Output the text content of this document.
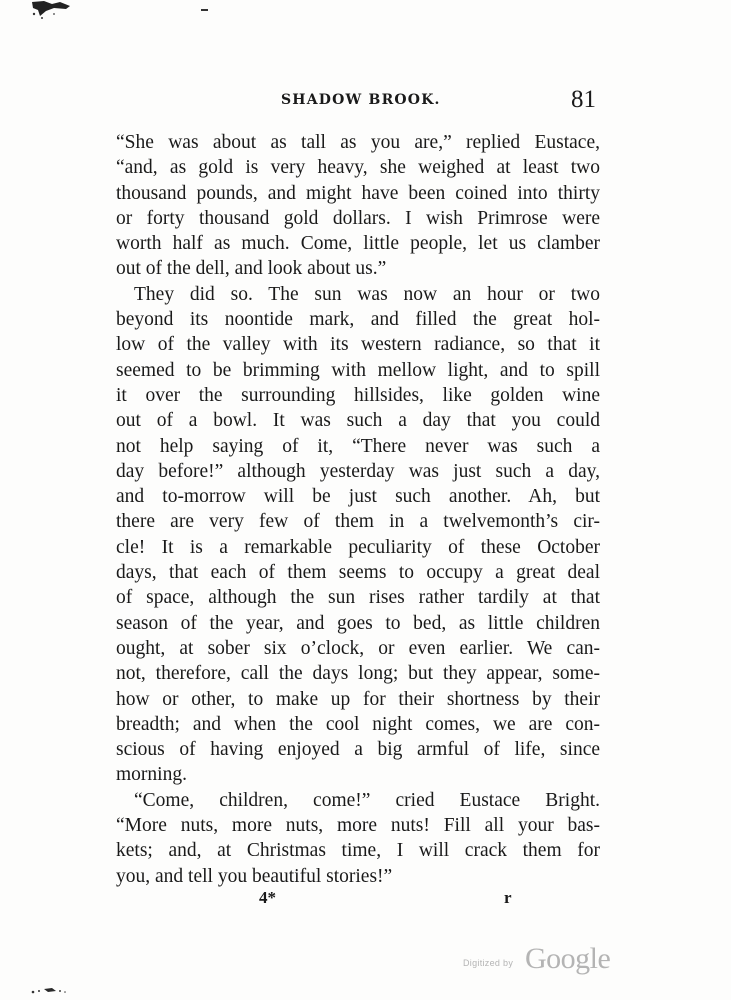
SHADOW BROOK.	81
“She was about as tall as you are,” replied Eustace,
“and, as gold is very heavy, she weighed at least two
thousand pounds, and might have been coined into thirty
or forty thousand gold dollars. I wish Primrose were
worth half as much. Come, little people, let us clamber
out of the dell, and look about us.”
They did so. The sun was now an hour or two
beyond its noontide mark, and filled the great hol-
low of the valley with its western radiance, so that it
seemed to be brimming with mellow light, and to spill
it over the surrounding hillsides, like golden wine
out of a bowl. It was such a day that you could
not help saying of it, “There never was such a
day before!” although yesterday was just such a day,
and to-morrow will be just such another. Ah, but
there are very few of them in a twelvemonth’s cir-
cle! It is a remarkable peculiarity of these October
days, that each of them seems to occupy a great deal
of space, although the sun rises rather tardily at that
season of the year, and goes to bed, as little children
ought, at sober six o’clock, or even earlier. We can-
not, therefore, call the days long; but they appear, some-
how or other, to make up for their shortness by their
breadth; and when the cool night comes, we are con-
scious of having enjoyed a big armful of life, since
morning.
“Come, children, come!” cried Eustace Bright.
“More nuts, more nuts, more nuts! Fill all your bas-
kets; and, at Christmas time, I will crack them for
you, and tell you beautiful stories!”
4*	r
Digitized by Google
